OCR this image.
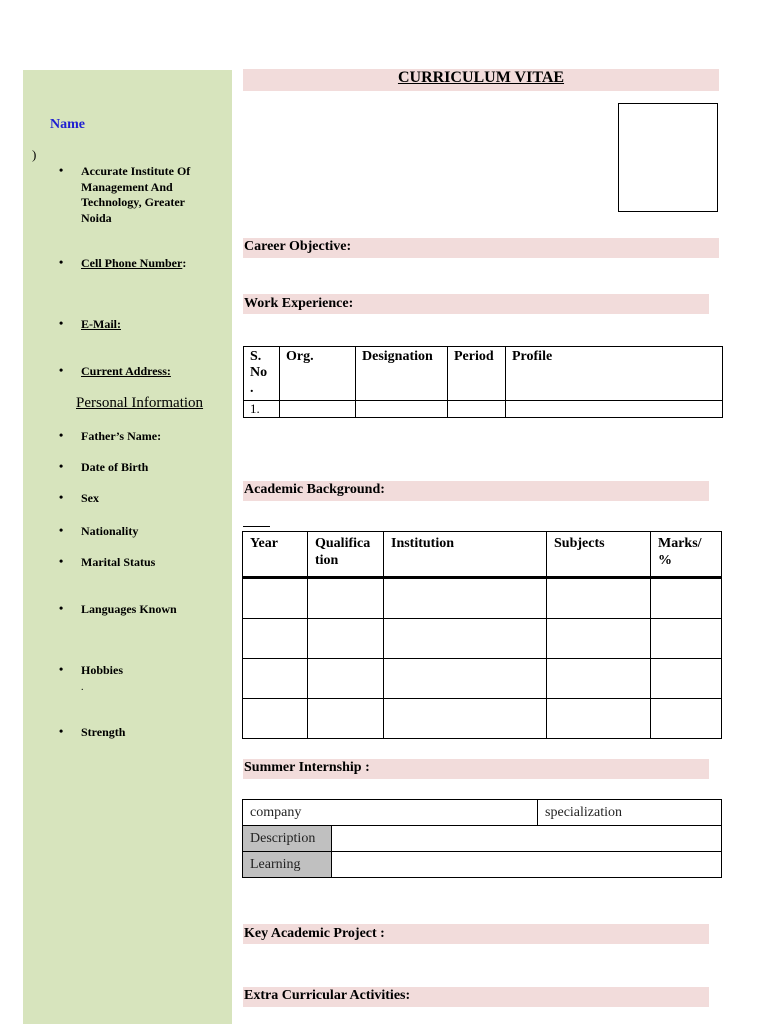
Name
)
• Accurate Institute Of
Management And
Technology, Greater
Noida
• Cell Phone Number:
• E-Mail:
• Current Address:
Personal Information
• Father’s Name:
• Date of Birth
• Sex
• Nationality
• Marital Status
• Languages Known
• Hobbies
.
• Strength
CURRICULUM VITAE
Career Objective:
Work Experience:
S. No .	Org.	Designation	Period	Profile
1.				
Academic Background:
Year	Qualifica tion	Institution	Subjects	Marks/ %

Summer Internship :
company		specialization
Description		
Learning		
Key Academic Project :
Extra Curricular Activities:
